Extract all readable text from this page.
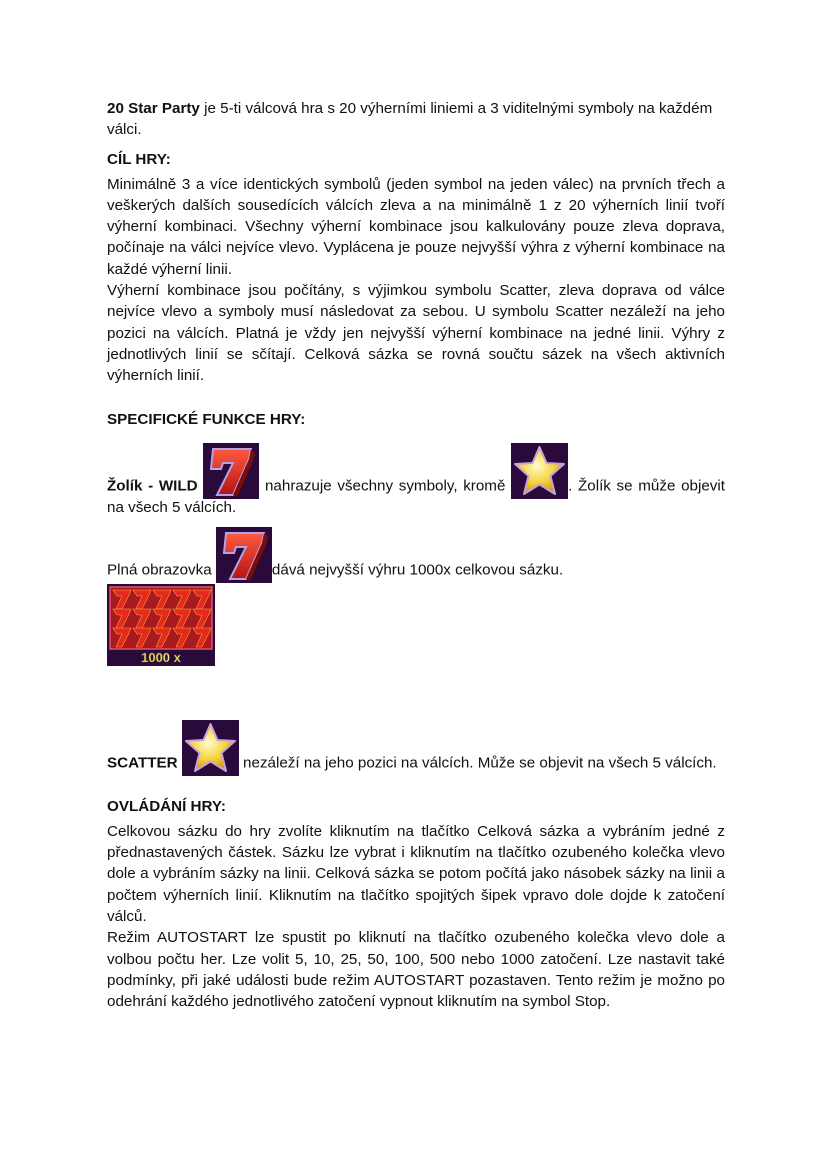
20 Star Party je 5-ti válcová hra s 20 výherními liniemi a 3 viditelnými symboly na každém válci.

CÍL HRY:

Minimálně 3 a více identických symbolů (jeden symbol na jeden válec) na prvních třech a veškerých dalších sousedících válcích zleva a na minimálně 1 z 20 výherních linií tvoří výherní kombinaci. Všechny výherní kombinace jsou kalkulovány pouze zleva doprava, počínaje na válci nejvíce vlevo. Vyplácena je pouze nejvyšší výhra z výherní kombinace na každé výherní linii.

Výherní kombinace jsou počítány, s výjimkou symbolu Scatter, zleva doprava od válce nejvíce vlevo a symboly musí následovat za sebou. U symbolu Scatter nezáleží na jeho pozici na válcích. Platná je vždy jen nejvyšší výherní kombinace na jedné linii. Výhry z jednotlivých linií se sčítají. Celková sázka se rovná součtu sázek na všech aktivních výherních linií.

SPECIFICKÉ FUNKCE HRY:

Žolík - WILD	nahrazuje všechny symboly, kromě	. Žolík se může objevit na všech 5 válcích.

Plná obrazovka	dává nejvyšší výhru 1000x celkovou sázku.

1000 x

SCATTER	nezáleží na jeho pozici na válcích. Může se objevit na všech 5 válcích.

OVLÁDÁNÍ HRY:

Celkovou sázku do hry zvolíte kliknutím na tlačítko Celková sázka a vybráním jedné z přednastavených částek. Sázku lze vybrat i kliknutím na tlačítko ozubeného kolečka vlevo dole a vybráním sázky na linii. Celková sázka se potom počítá jako násobek sázky na linii a počtem výherních linií. Kliknutím na tlačítko spojitých šipek vpravo dole dojde k zatočení válců.

Režim AUTOSTART lze spustit po kliknutí na tlačítko ozubeného kolečka vlevo dole a volbou počtu her. Lze volit 5, 10, 25, 50, 100, 500 nebo 1000 zatočení. Lze nastavit také podmínky, při jaké události bude režim AUTOSTART pozastaven. Tento režim je možno po odehrání každého jednotlivého zatočení vypnout kliknutím na symbol Stop.
